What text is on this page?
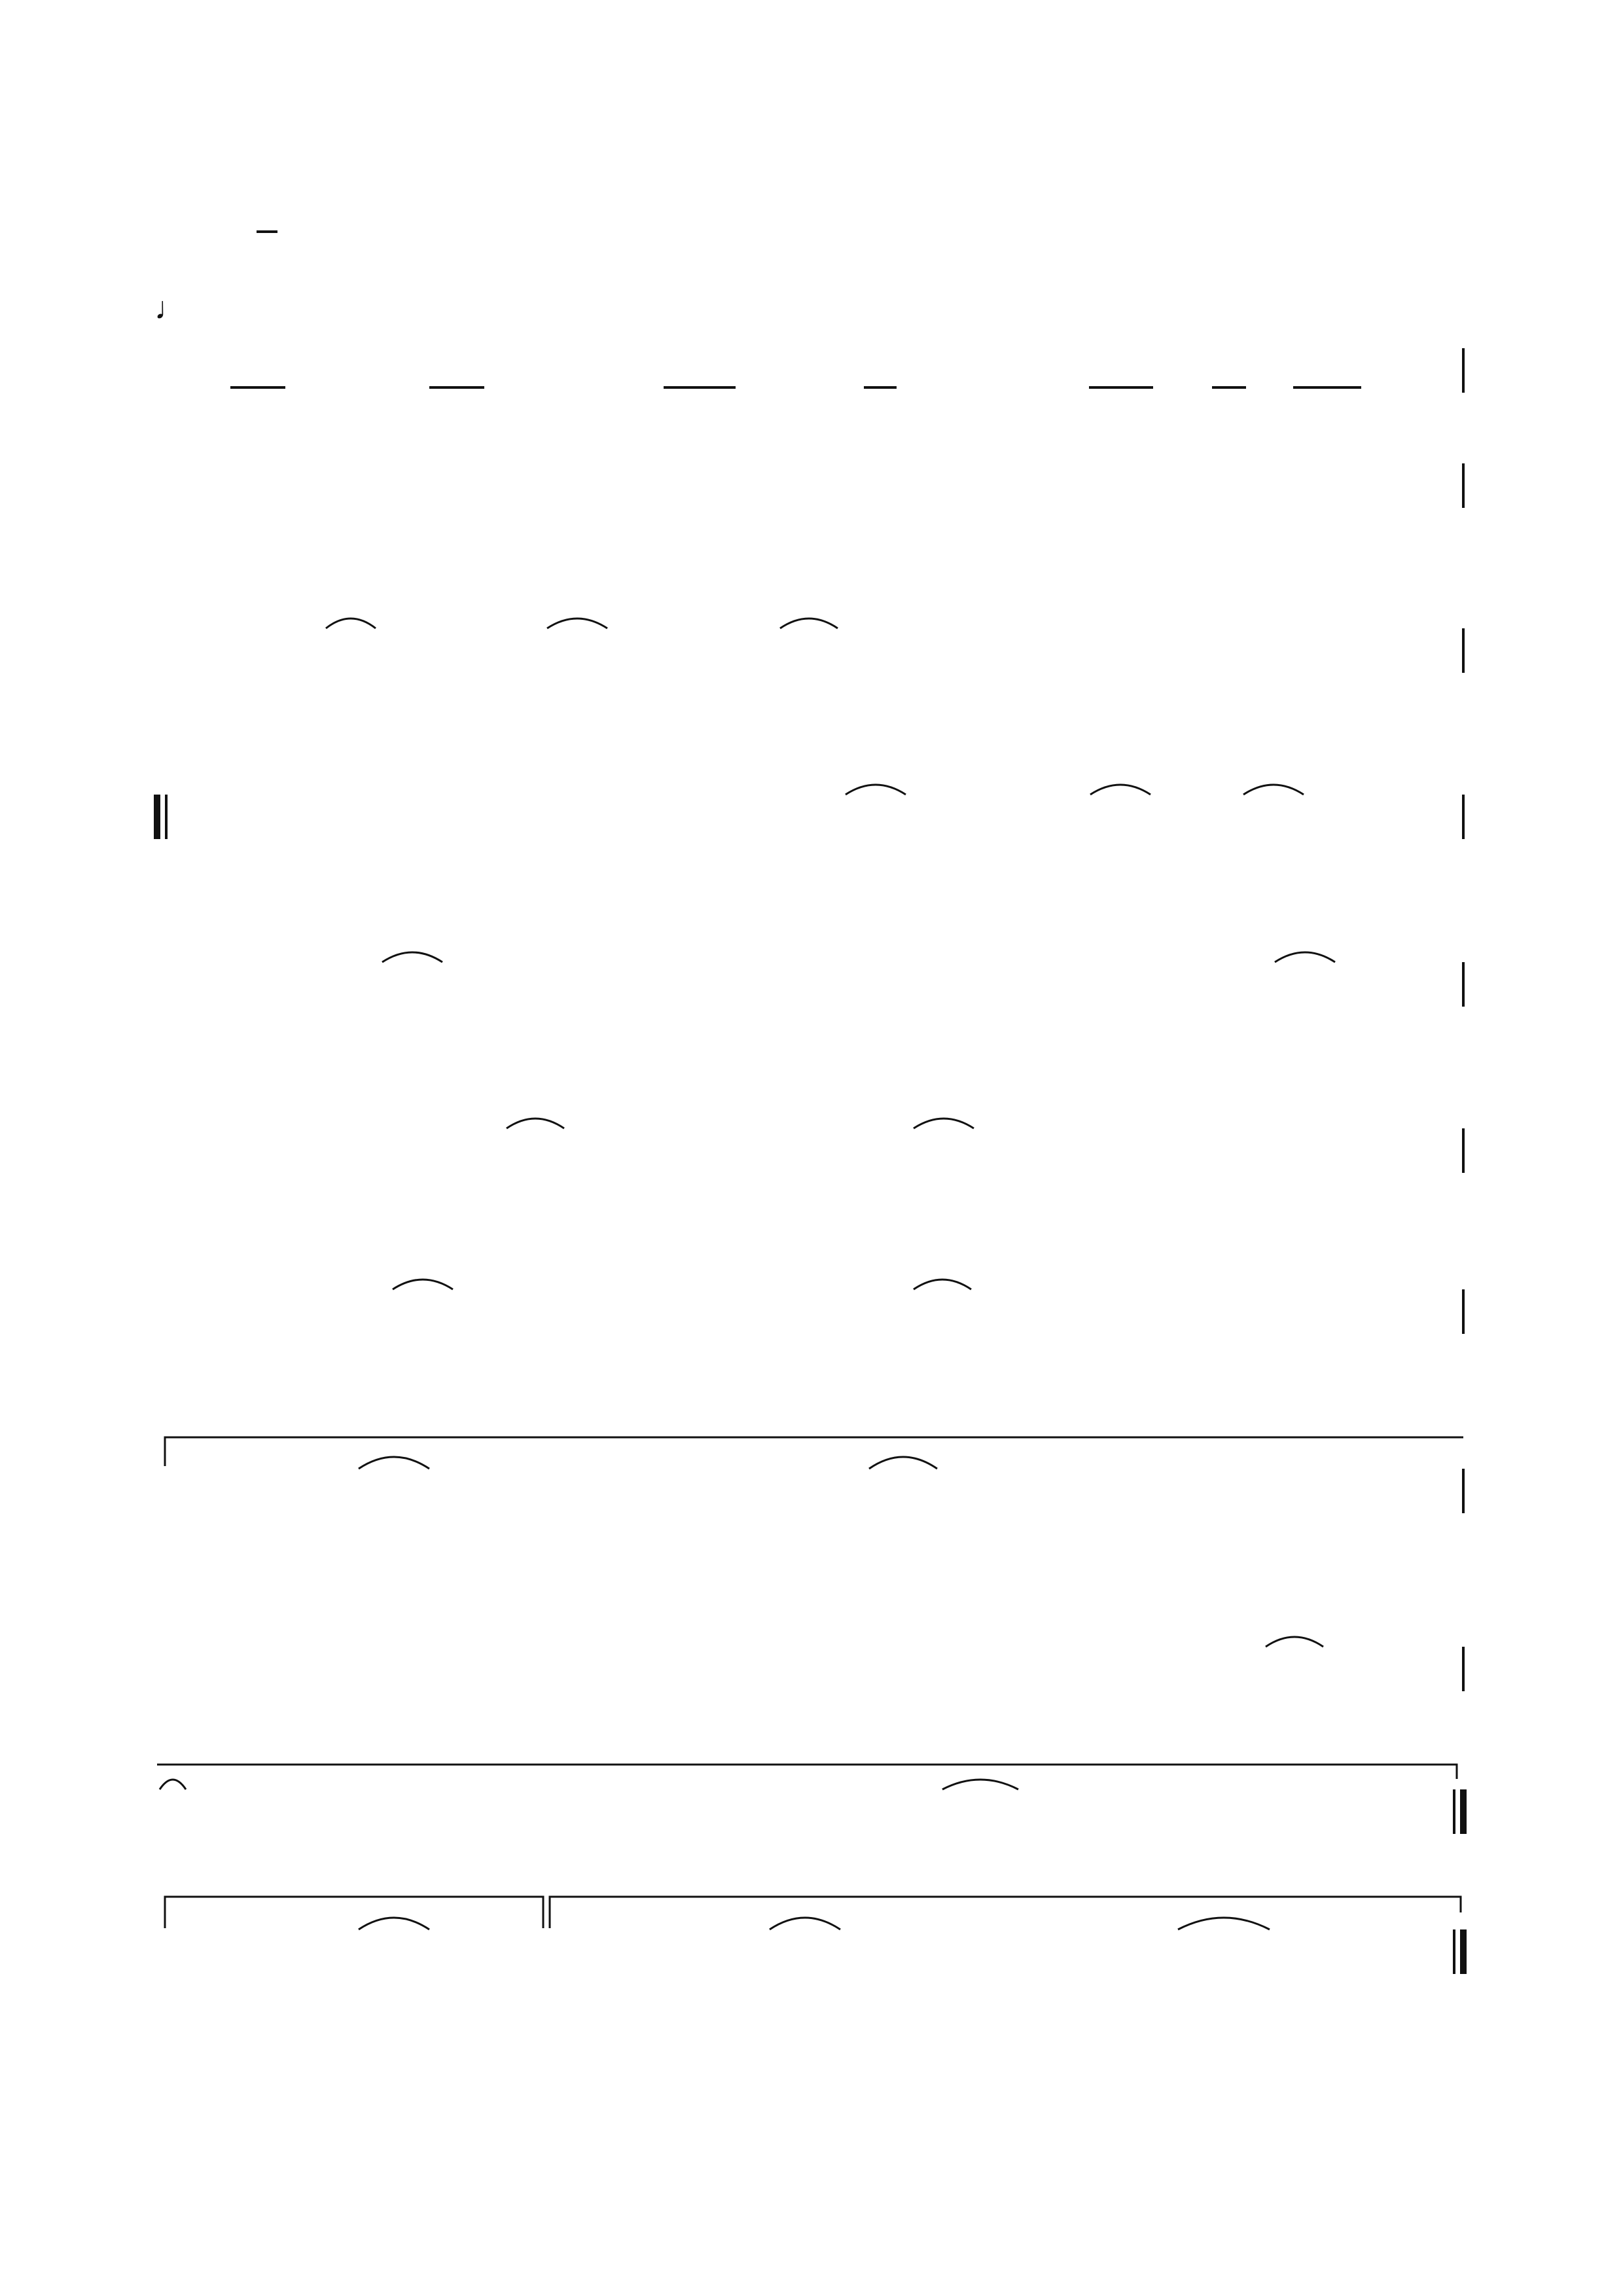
♩
